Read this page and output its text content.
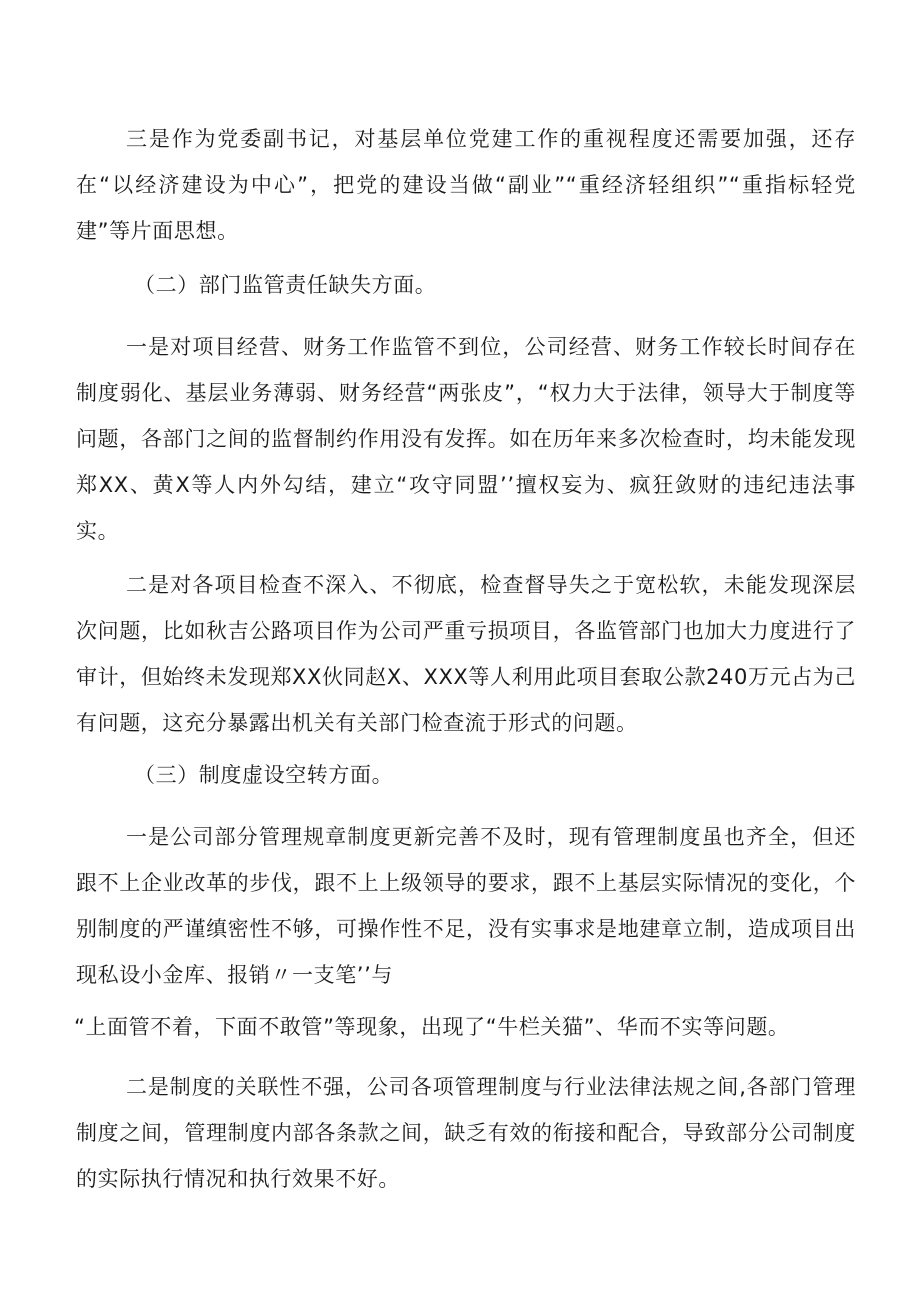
三是作为党委副书记，对基层单位党建工作的重视程度还需要加强，还存在“以经济建设为中心”，把党的建设当做“副业”“重经济轻组织”“重指标轻党建”等片面思想。

（二）部门监管责任缺失方面。

一是对项目经营、财务工作监管不到位，公司经营、财务工作较长时间存在制度弱化、基层业务薄弱、财务经营“两张皮”，“权力大于法律，领导大于制度等问题，各部门之间的监督制约作用没有发挥。如在历年来多次检查时，均未能发现郑XX、黄X等人内外勾结，建立“攻守同盟’’擅权妄为、疯狂敛财的违纪违法事实。

二是对各项目检查不深入、不彻底，检查督导失之于宽松软，未能发现深层次问题，比如秋吉公路项目作为公司严重亏损项目，各监管部门也加大力度进行了审计，但始终未发现郑XX伙同赵X、XXX等人利用此项目套取公款240万元占为己有问题，这充分暴露出机关有关部门检查流于形式的问题。

（三）制度虚设空转方面。

一是公司部分管理规章制度更新完善不及时，现有管理制度虽也齐全，但还跟不上企业改革的步伐，跟不上上级领导的要求，跟不上基层实际情况的变化，个别制度的严谨缜密性不够，可操作性不足，没有实事求是地建章立制，造成项目出现私设小金库、报销〃一支笔’’与

“上面管不着，下面不敢管”等现象，出现了“牛栏关猫”、华而不实等问题。

二是制度的关联性不强，公司各项管理制度与行业法律法规之间,各部门管理制度之间，管理制度内部各条款之间，缺乏有效的衔接和配合，导致部分公司制度的实际执行情况和执行效果不好。
